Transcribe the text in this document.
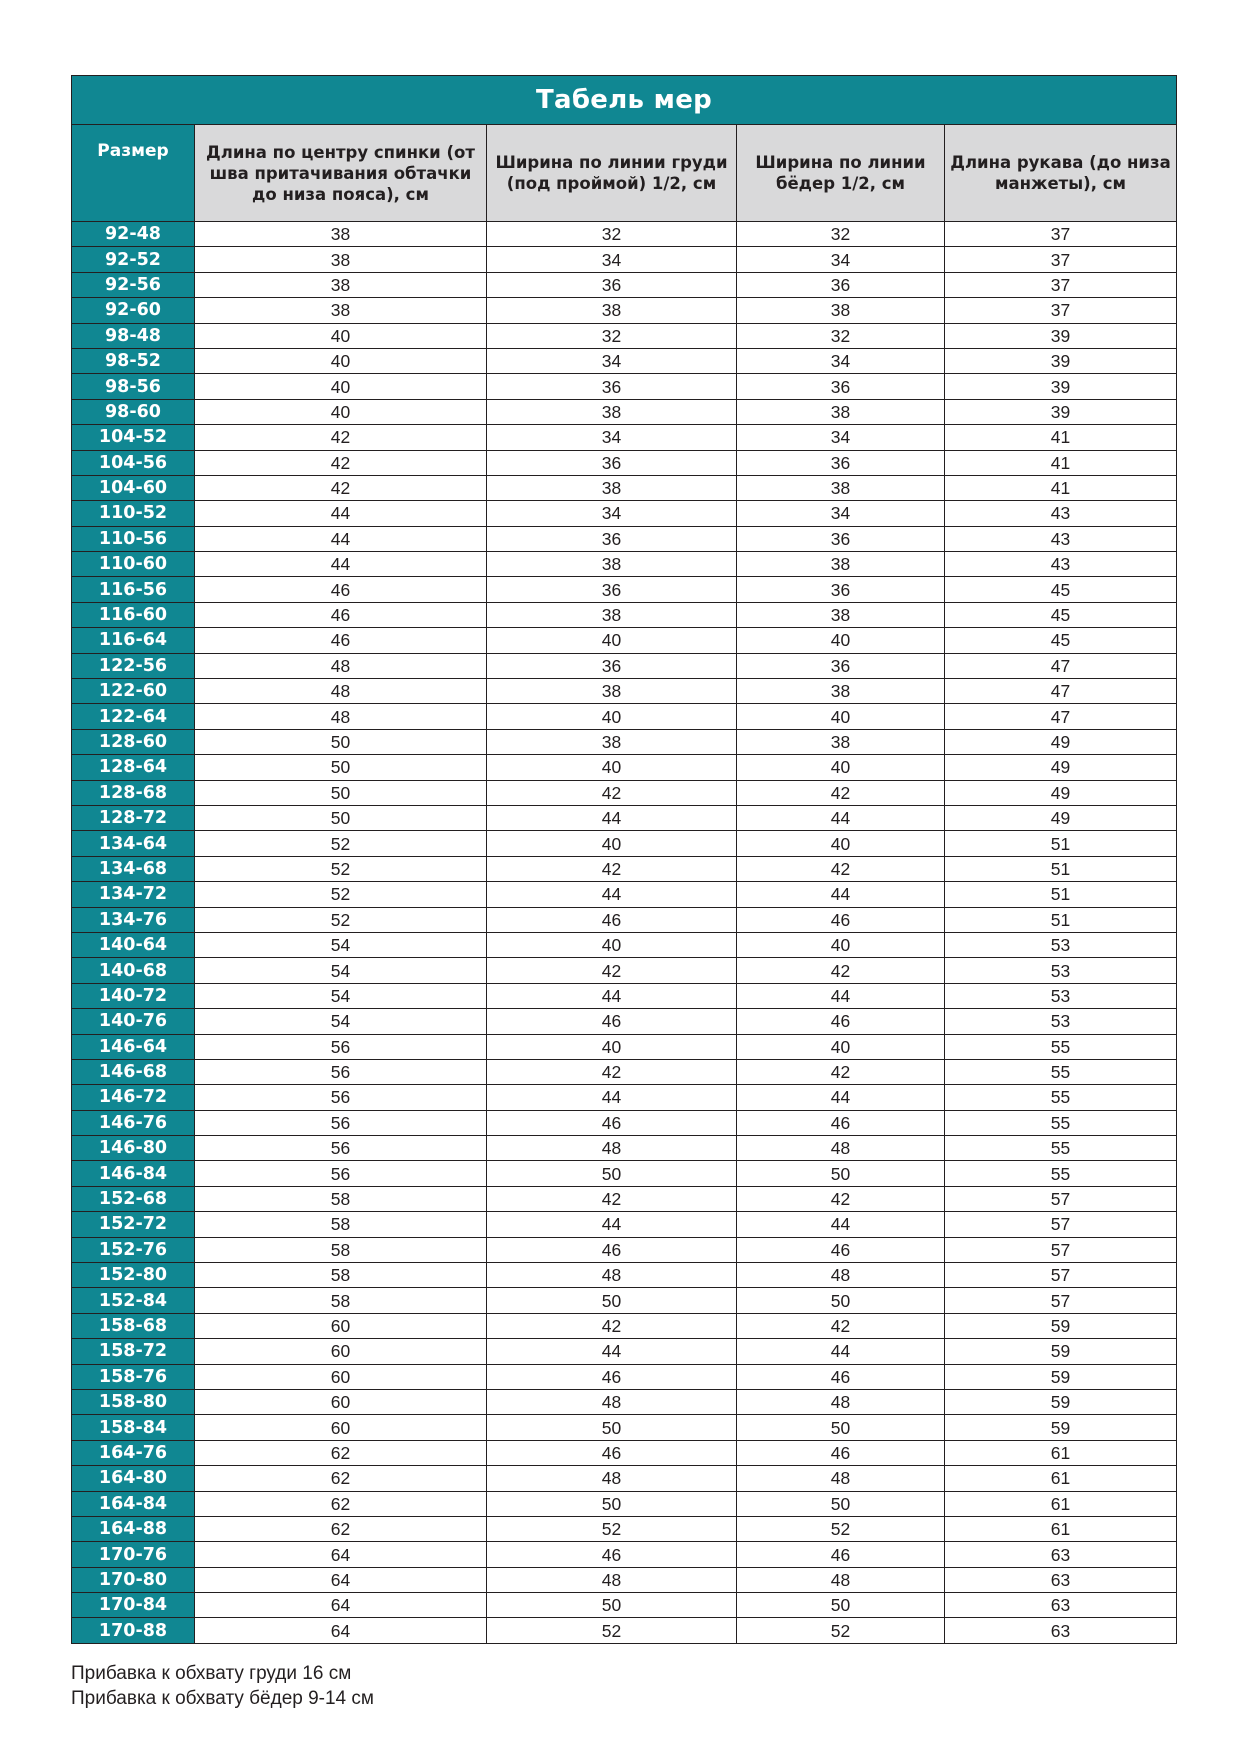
Табель мер				
Размер	Длина по центру спинки (от шва притачивания обтачки до низа пояса), см	Ширина по линии груди (под проймой) 1/2, см	Ширина по линии бёдер 1/2, см	Длина рукава (до низа манжеты), см
92-48	38	32	32	37
92-52	38	34	34	37
92-56	38	36	36	37
92-60	38	38	38	37
98-48	40	32	32	39
98-52	40	34	34	39
98-56	40	36	36	39
98-60	40	38	38	39
104-52	42	34	34	41
104-56	42	36	36	41
104-60	42	38	38	41
110-52	44	34	34	43
110-56	44	36	36	43
110-60	44	38	38	43
116-56	46	36	36	45
116-60	46	38	38	45
116-64	46	40	40	45
122-56	48	36	36	47
122-60	48	38	38	47
122-64	48	40	40	47
128-60	50	38	38	49
128-64	50	40	40	49
128-68	50	42	42	49
128-72	50	44	44	49
134-64	52	40	40	51
134-68	52	42	42	51
134-72	52	44	44	51
134-76	52	46	46	51
140-64	54	40	40	53
140-68	54	42	42	53
140-72	54	44	44	53
140-76	54	46	46	53
146-64	56	40	40	55
146-68	56	42	42	55
146-72	56	44	44	55
146-76	56	46	46	55
146-80	56	48	48	55
146-84	56	50	50	55
152-68	58	42	42	57
152-72	58	44	44	57
152-76	58	46	46	57
152-80	58	48	48	57
152-84	58	50	50	57
158-68	60	42	42	59
158-72	60	44	44	59
158-76	60	46	46	59
158-80	60	48	48	59
158-84	60	50	50	59
164-76	62	46	46	61
164-80	62	48	48	61
164-84	62	50	50	61
164-88	62	52	52	61
170-76	64	46	46	63
170-80	64	48	48	63
170-84	64	50	50	63
170-88	64	52	52	63
Прибавка к обхвату груди 16 см
Прибавка к обхвату бёдер 9-14 см
